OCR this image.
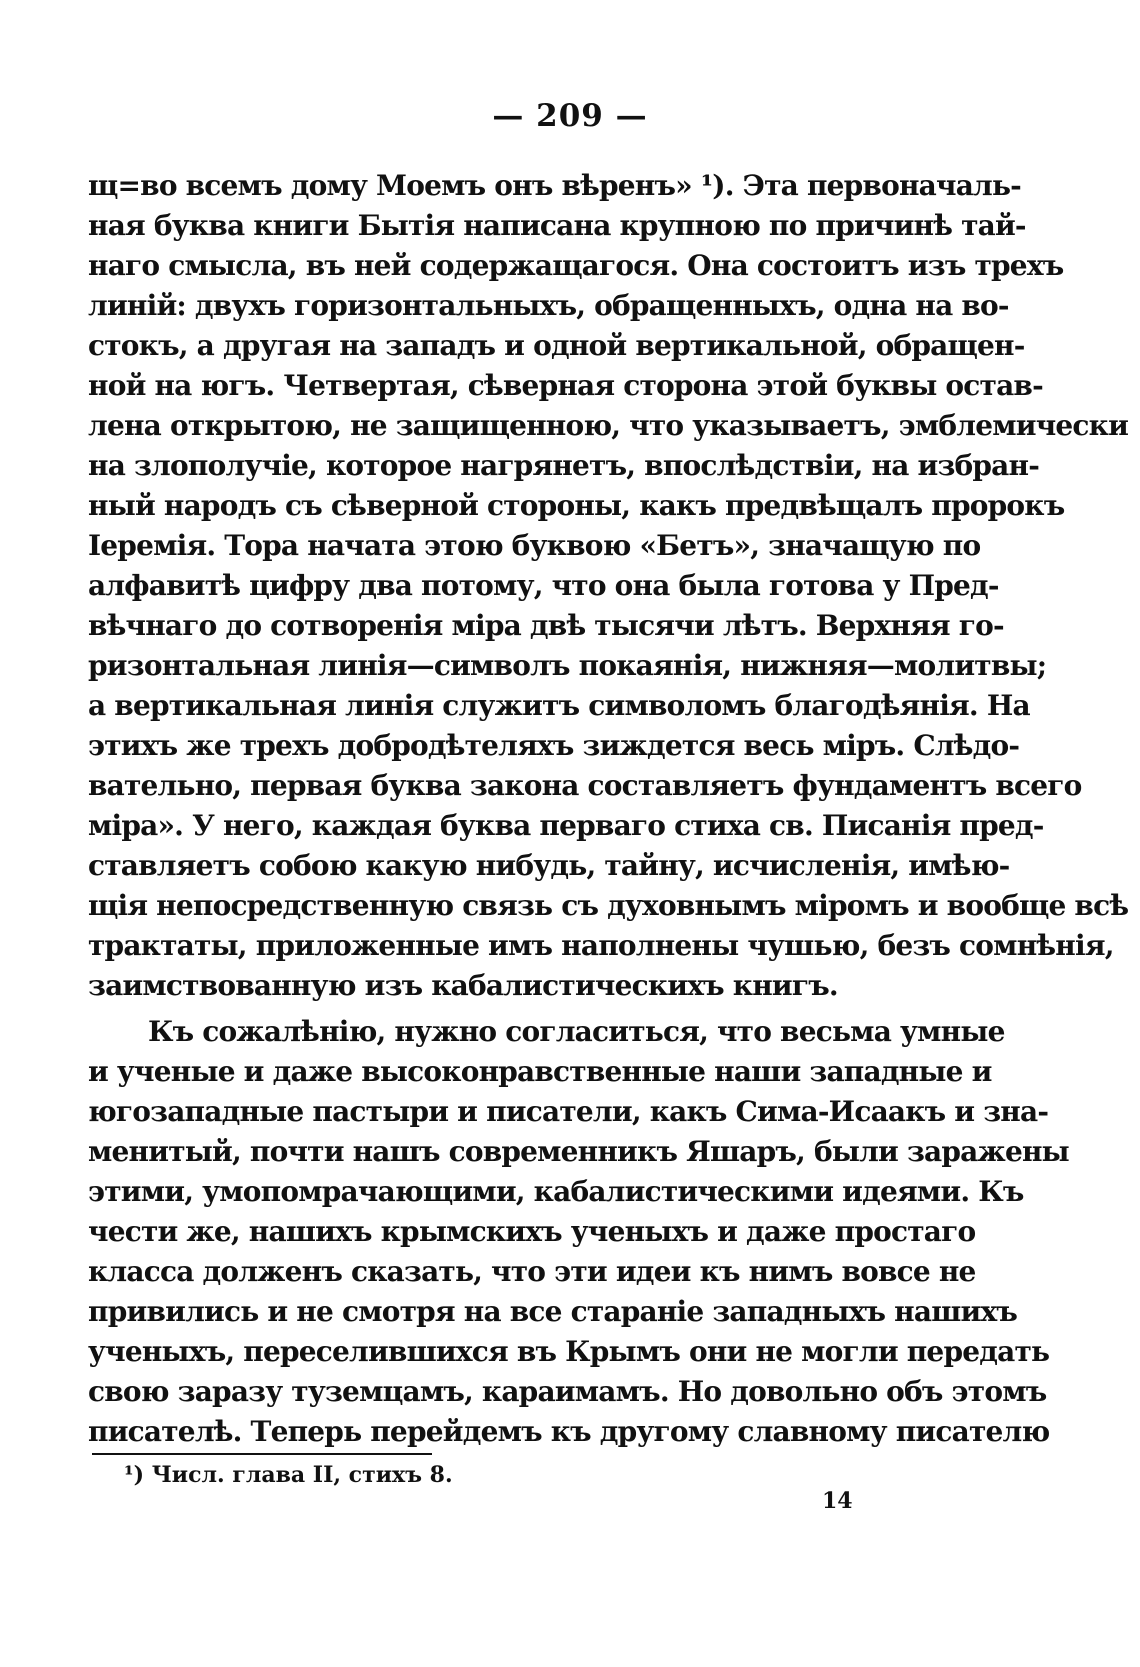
— 209 —
щ=во всемъ дому Моемъ онъ вѣренъ» ¹). Эта первоначаль-
ная буква книги Бытія написана крупною по причинѣ тай-
наго смысла, въ ней содержащагося. Она состоитъ изъ трехъ
линій: двухъ горизонтальныхъ, обращенныхъ, одна на во-
стокъ, а другая на западъ и одной вертикальной, обращен-
ной на югъ. Четвертая, сѣверная сторона этой буквы остав-
лена открытою, не защищенною, что указываетъ, эмблемически
на злополучіе, которое нагрянетъ, впослѣдствіи, на избран-
ный народъ съ сѣверной стороны, какъ предвѣщалъ пророкъ
Іеремія. Тора начата этою буквою «Бетъ», значащую по
алфавитѣ цифру два потому, что она была готова у Пред-
вѣчнаго до сотворенія міра двѣ тысячи лѣтъ. Верхняя го-
ризонтальная линія—символъ покаянія, нижняя—молитвы;
а вертикальная линія служитъ символомъ благодѣянія. На
этихъ же трехъ добродѣтеляхъ зиждется весь міръ. Слѣдо-
вательно, первая буква закона составляетъ фундаментъ всего
міра». У него, каждая буква перваго стиха св. Писанія пред-
ставляетъ собою какую нибудь, тайну, исчисленія, имѣю-
щія непосредственную связь съ духовнымъ міромъ и вообще всѣ
трактаты, приложенные имъ наполнены чушью, безъ сомнѣнія,
заимствованную изъ кабалистическихъ книгъ.
Къ сожалѣнію, нужно согласиться, что весьма умные
и ученые и даже высоконравственные наши западные и
югозападные пастыри и писатели, какъ Сима-Исаакъ и зна-
менитый, почти нашъ современникъ Яшаръ, были заражены
этими, умопомрачающими, кабалистическими идеями. Къ
чести же, нашихъ крымскихъ ученыхъ и даже простаго
класса долженъ сказать, что эти идеи къ нимъ вовсе не
привились и не смотря на все стараніе западныхъ нашихъ
ученыхъ, переселившихся въ Крымъ они не могли передать
свою заразу туземцамъ, караимамъ. Но довольно объ этомъ
писателѣ. Теперь перейдемъ къ другому славному писателю
¹) Числ. глава II, стихъ 8.
14
